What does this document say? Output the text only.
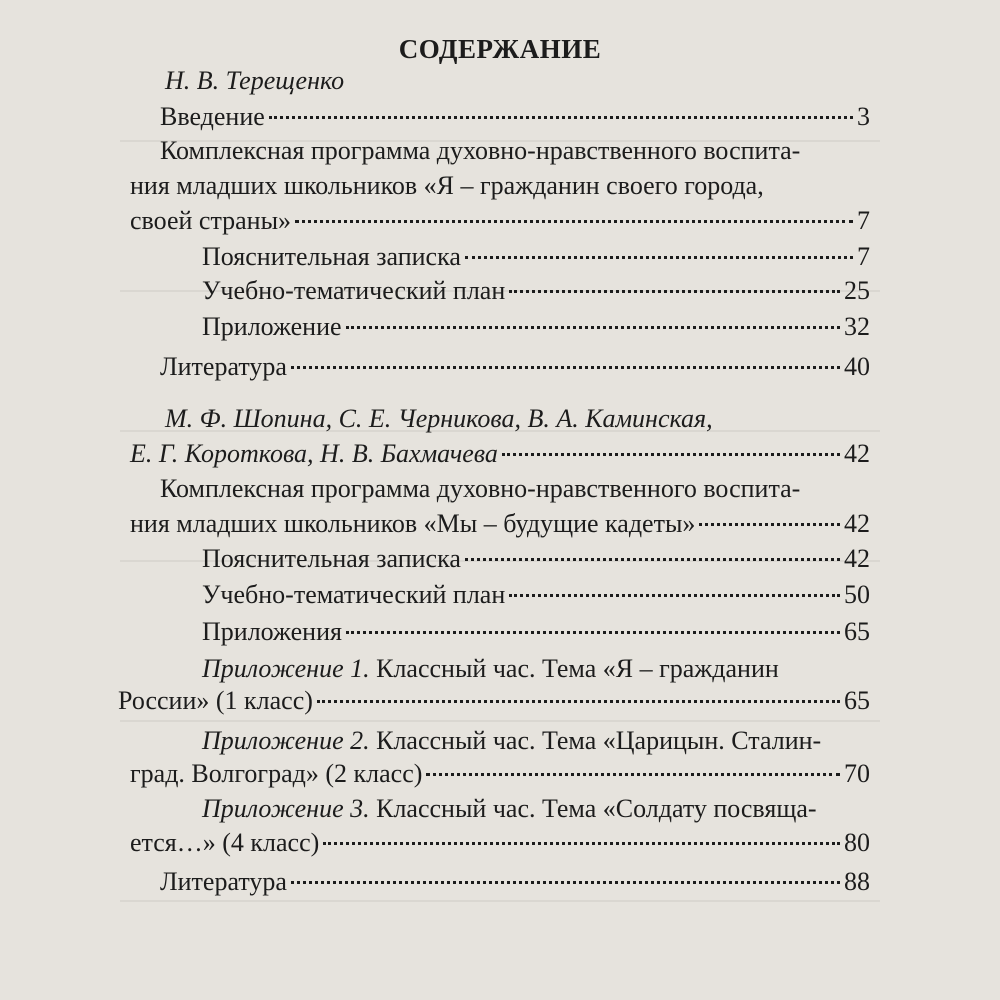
СОДЕРЖАНИЕ
Н. В. Терещенко
Введение	3
Комплексная программа духовно-нравственного воспита-
ния младших школьников «Я – гражданин своего города,
своей страны»	7
Пояснительная записка	7
Учебно-тематический план	25
Приложение	32
Литература	40
М. Ф. Шопина, С. Е. Черникова, В. А. Каминская,
Е. Г. Короткова, Н. В. Бахмачева	42
Комплексная программа духовно-нравственного воспита-
ния младших школьников «Мы – будущие кадеты»	42
Пояснительная записка	42
Учебно-тематический план	50
Приложения	65
Приложение 1. Классный час. Тема «Я – гражданин
России» (1 класс)	65
Приложение 2. Классный час. Тема «Царицын. Сталин-
град. Волгоград» (2 класс)	70
Приложение 3. Классный час. Тема «Солдату посвяща-
ется…» (4 класс)	80
Литература	88
